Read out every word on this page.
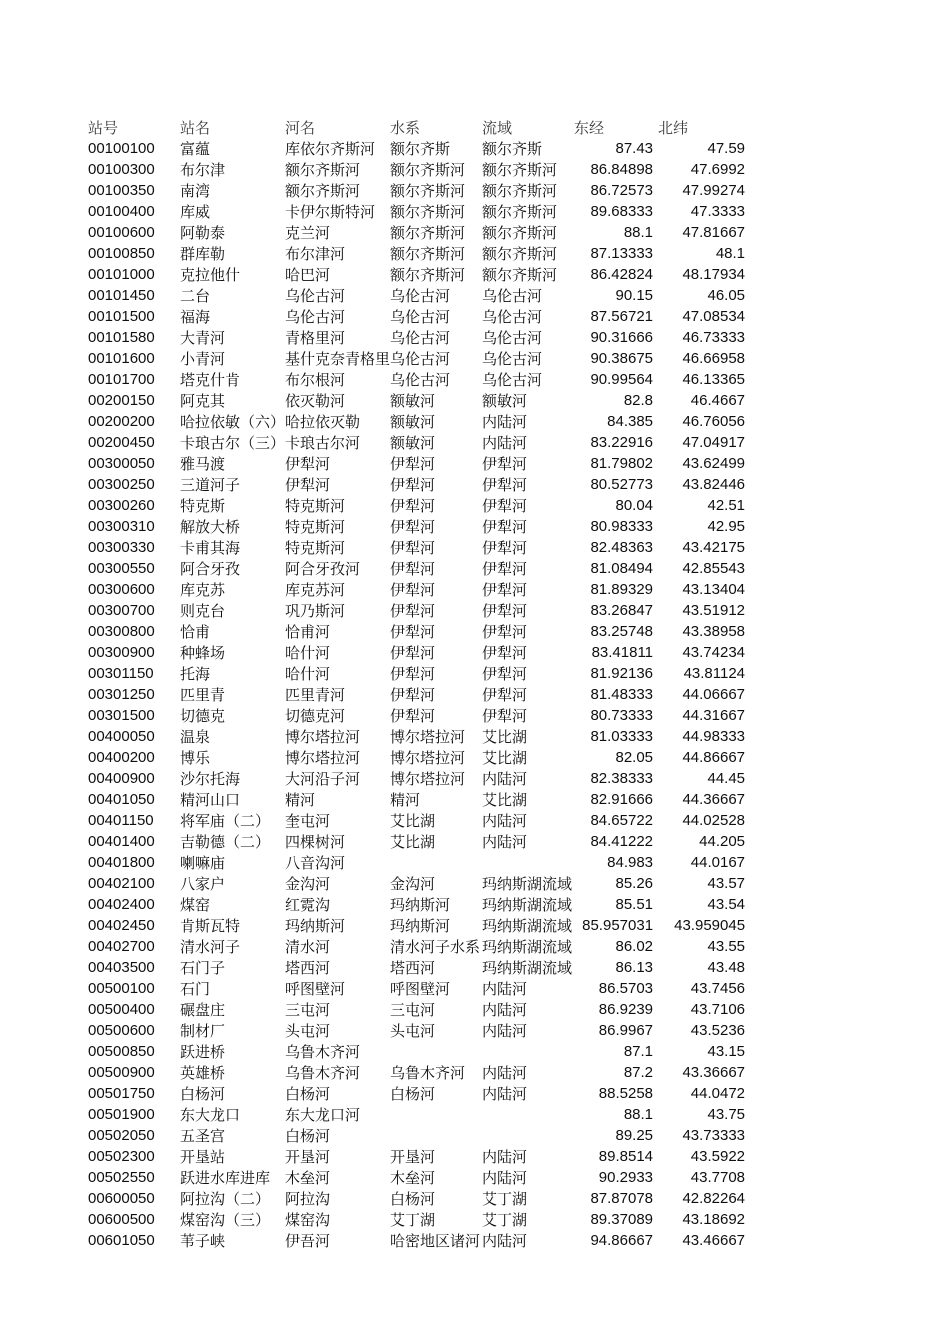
站号	站名	河名	水系	流域	东经	北纬
00100100	富蕴	库依尔齐斯河	额尔齐斯	额尔齐斯	87.43	47.59
00100300	布尔津	额尔齐斯河	额尔齐斯河	额尔齐斯河	86.84898	47.6992
00100350	南湾	额尔齐斯河	额尔齐斯河	额尔齐斯河	86.72573	47.99274
00100400	库威	卡伊尔斯特河	额尔齐斯河	额尔齐斯河	89.68333	47.3333
00100600	阿勒泰	克兰河	额尔齐斯河	额尔齐斯河	88.1	47.81667
00100850	群库勒	布尔津河	额尔齐斯河	额尔齐斯河	87.13333	48.1
00101000	克拉他什	哈巴河	额尔齐斯河	额尔齐斯河	86.42824	48.17934
00101450	二台	乌伦古河	乌伦古河	乌伦古河	90.15	46.05
00101500	福海	乌伦古河	乌伦古河	乌伦古河	87.56721	47.08534
00101580	大青河	青格里河	乌伦古河	乌伦古河	90.31666	46.73333
00101600	小青河	基什克奈青格里	乌伦古河	乌伦古河	90.38675	46.66958
00101700	塔克什肯	布尔根河	乌伦古河	乌伦古河	90.99564	46.13365
00200150	阿克其	依灭勒河	额敏河	额敏河	82.8	46.4667
00200200	哈拉依敏（六）	哈拉依灭勒	额敏河	内陆河	84.385	46.76056
00200450	卡琅古尔（三）	卡琅古尔河	额敏河	内陆河	83.22916	47.04917
00300050	雅马渡	伊犁河	伊犁河	伊犁河	81.79802	43.62499
00300250	三道河子	伊犁河	伊犁河	伊犁河	80.52773	43.82446
00300260	特克斯	特克斯河	伊犁河	伊犁河	80.04	42.51
00300310	解放大桥	特克斯河	伊犁河	伊犁河	80.98333	42.95
00300330	卡甫其海	特克斯河	伊犁河	伊犁河	82.48363	43.42175
00300550	阿合牙孜	阿合牙孜河	伊犁河	伊犁河	81.08494	42.85543
00300600	库克苏	库克苏河	伊犁河	伊犁河	81.89329	43.13404
00300700	则克台	巩乃斯河	伊犁河	伊犁河	83.26847	43.51912
00300800	恰甫	恰甫河	伊犁河	伊犁河	83.25748	43.38958
00300900	种蜂场	哈什河	伊犁河	伊犁河	83.41811	43.74234
00301150	托海	哈什河	伊犁河	伊犁河	81.92136	43.81124
00301250	匹里青	匹里青河	伊犁河	伊犁河	81.48333	44.06667
00301500	切德克	切德克河	伊犁河	伊犁河	80.73333	44.31667
00400050	温泉	博尔塔拉河	博尔塔拉河	艾比湖	81.03333	44.98333
00400200	博乐	博尔塔拉河	博尔塔拉河	艾比湖	82.05	44.86667
00400900	沙尔托海	大河沿子河	博尔塔拉河	内陆河	82.38333	44.45
00401050	精河山口	精河	精河	艾比湖	82.91666	44.36667
00401150	将军庙（二）	奎屯河	艾比湖	内陆河	84.65722	44.02528
00401400	吉勒德（二）	四棵树河	艾比湖	内陆河	84.41222	44.205
00401800	喇嘛庙	八音沟河			84.983	44.0167
00402100	八家户	金沟河	金沟河	玛纳斯湖流域	85.26	43.57
00402400	煤窑	红霓沟	玛纳斯河	玛纳斯湖流域	85.51	43.54
00402450	肯斯瓦特	玛纳斯河	玛纳斯河	玛纳斯湖流域	85.957031	43.959045
00402700	清水河子	清水河	清水河子水系	玛纳斯湖流域	86.02	43.55
00403500	石门子	塔西河	塔西河	玛纳斯湖流域	86.13	43.48
00500100	石门	呼图壁河	呼图壁河	内陆河	86.5703	43.7456
00500400	碾盘庄	三屯河	三屯河	内陆河	86.9239	43.7106
00500600	制材厂	头屯河	头屯河	内陆河	86.9967	43.5236
00500850	跃进桥	乌鲁木齐河			87.1	43.15
00500900	英雄桥	乌鲁木齐河	乌鲁木齐河	内陆河	87.2	43.36667
00501750	白杨河	白杨河	白杨河	内陆河	88.5258	44.0472
00501900	东大龙口	东大龙口河			88.1	43.75
00502050	五圣宫	白杨河			89.25	43.73333
00502300	开垦站	开垦河	开垦河	内陆河	89.8514	43.5922
00502550	跃进水库进库	木垒河	木垒河	内陆河	90.2933	43.7708
00600050	阿拉沟（二）	阿拉沟	白杨河	艾丁湖	87.87078	42.82264
00600500	煤窑沟（三）	煤窑沟	艾丁湖	艾丁湖	89.37089	43.18692
00601050	苇子峡	伊吾河	哈密地区诸河	内陆河	94.86667	43.46667
